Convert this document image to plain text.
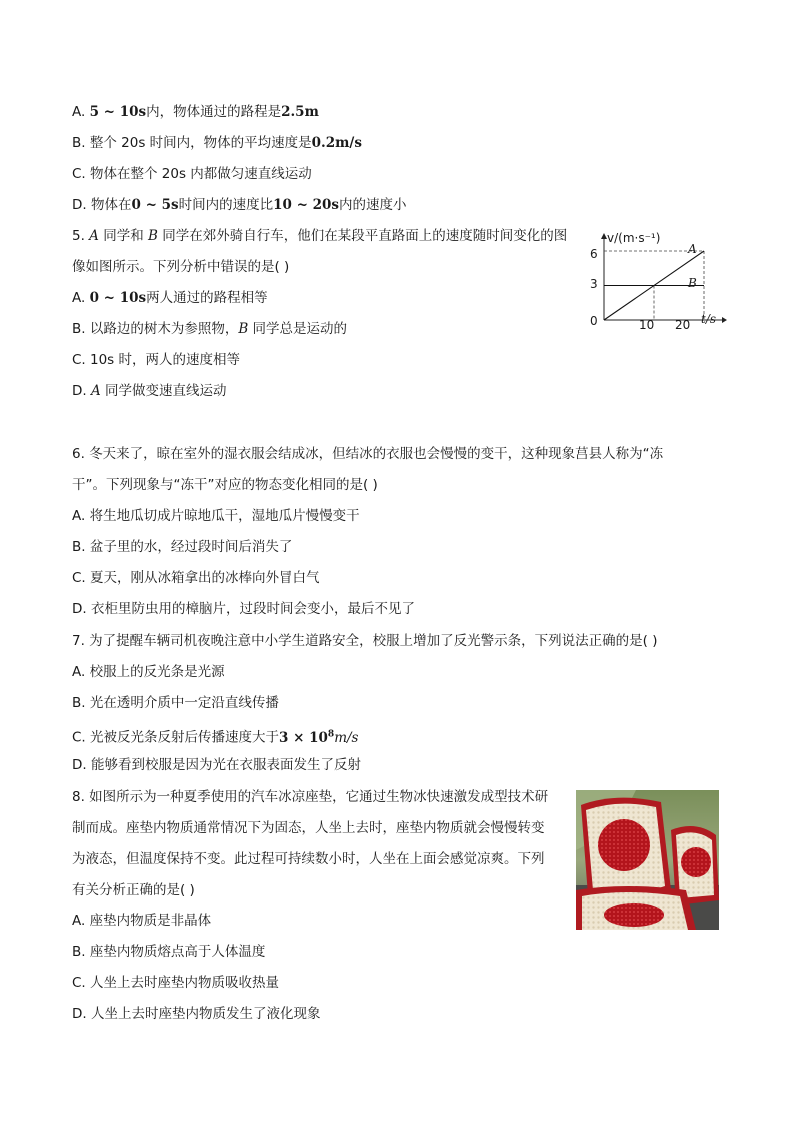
A. 5 ~ 10s内，物体通过的路程是2.5m
B. 整个 20s 时间内，物体的平均速度是0.2m/s
C. 物体在整个 20s 内都做匀速直线运动
D. 物体在0 ~ 5s时间内的速度比10 ~ 20s内的速度小
5. A 同学和 B 同学在郊外骑自行车，他们在某段平直路面上的速度随时间变化的图
像如图所示。下列分析中错误的是( )
A. 0 ~ 10s两人通过的路程相等
B. 以路边的树木为参照物，B 同学总是运动的
C. 10s 时，两人的速度相等
D. A 同学做变速直线运动
v/(m·s⁻¹)
6
3
0	10 20 t/s
A
B
6. 冬天来了，晾在室外的湿衣服会结成冰，但结冰的衣服也会慢慢的变干，这种现象莒县人称为“冻
干”。下列现象与“冻干”对应的物态变化相同的是( )
A. 将生地瓜切成片晾地瓜干，湿地瓜片慢慢变干
B. 盆子里的水，经过段时间后消失了
C. 夏天，刚从冰箱拿出的冰棒向外冒白气
D. 衣柜里防虫用的樟脑片，过段时间会变小，最后不见了
7. 为了提醒车辆司机夜晚注意中小学生道路安全，校服上增加了反光警示条，下列说法正确的是( )
A. 校服上的反光条是光源
B. 光在透明介质中一定沿直线传播
C. 光被反光条反射后传播速度大于$3 \times 10^8m/s$
D. 能够看到校服是因为光在衣服表面发生了反射
8. 如图所示为一种夏季使用的汽车冰凉座垫，它通过生物冰快速激发成型技术研
制而成。座垫内物质通常情况下为固态，人坐上去时，座垫内物质就会慢慢转变
为液态，但温度保持不变。此过程可持续数小时，人坐在上面会感觉凉爽。下列
有关分析正确的是( )
A. 座垫内物质是非晶体
B. 座垫内物质熔点高于人体温度
C. 人坐上去时座垫内物质吸收热量
D. 人坐上去时座垫内物质发生了液化现象
